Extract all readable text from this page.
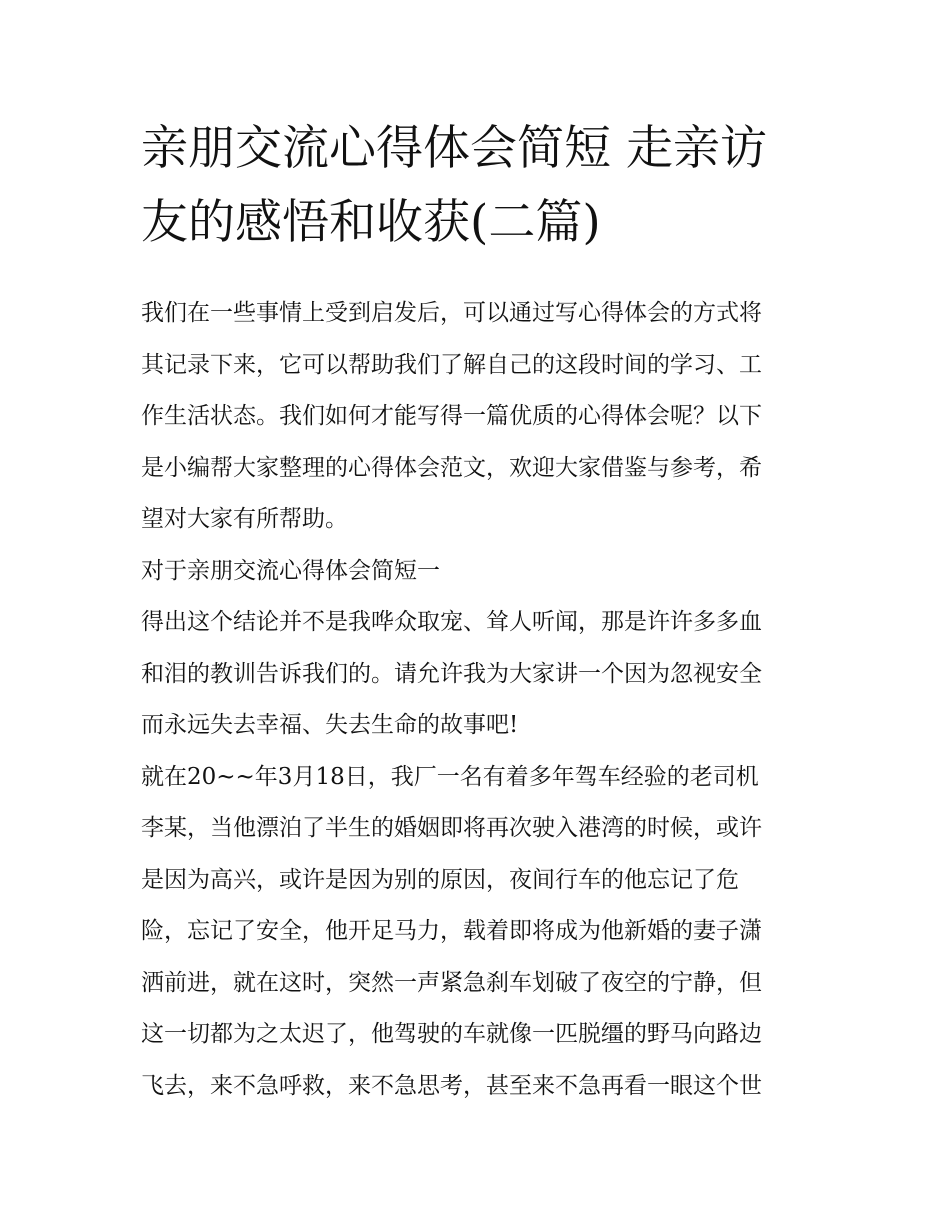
亲朋交流心得体会简短 走亲访
友的感悟和收获(二篇)
我们在一些事情上受到启发后，可以通过写心得体会的方式将
其记录下来，它可以帮助我们了解自己的这段时间的学习、工
作生活状态。我们如何才能写得一篇优质的心得体会呢？以下
是小编帮大家整理的心得体会范文，欢迎大家借鉴与参考，希
望对大家有所帮助。
对于亲朋交流心得体会简短一
得出这个结论并不是我哗众取宠、耸人听闻，那是许许多多血
和泪的教训告诉我们的。请允许我为大家讲一个因为忽视安全
而永远失去幸福、失去生命的故事吧!
就在20~~年3月18日，我厂一名有着多年驾车经验的老司机
李某，当他漂泊了半生的婚姻即将再次驶入港湾的时候，或许
是因为高兴，或许是因为别的原因，夜间行车的他忘记了危
险，忘记了安全，他开足马力，载着即将成为他新婚的妻子潇
洒前进，就在这时，突然一声紧急刹车划破了夜空的宁静，但
这一切都为之太迟了，他驾驶的车就像一匹脱缰的野马向路边
飞去，来不急呼救，来不急思考，甚至来不急再看一眼这个世
